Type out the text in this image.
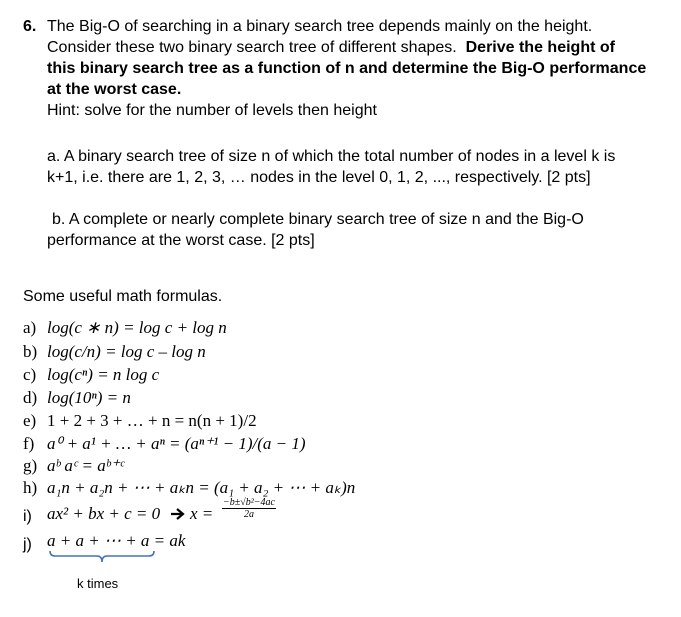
6. The Big-O of searching in a binary search tree depends mainly on the height.
Consider these two binary search tree of different shapes. Derive the height of
this binary search tree as a function of n and determine the Big-O performance
at the worst case.
Hint: solve for the number of levels then height
a. A binary search tree of size n of which the total number of nodes in a level k is
k+1, i.e. there are 1, 2, 3, … nodes in the level 0, 1, 2, ..., respectively. [2 pts]
b. A complete or nearly complete binary search tree of size n and the Big-O
performance at the worst case. [2 pts]
Some useful math formulas.
a) log(c ∗ n) = log c + log n
b) log(c/n) = log c – log n
c) log(cⁿ) = n log c
d) log(10ⁿ) = n
e) 1 + 2 + 3 + … + n = n(n + 1)/2
f) a⁰ + a¹ + … + aⁿ = (aⁿ⁺¹ − 1)/(a − 1)
g) aᵇ aᶜ = aᵇ⁺ᶜ
h) a₁n + a₂n + ⋯ + aₖn = (a₁ + a₂ + ⋯ + aₖ)n
i) ax² + bx + c = 0 $x = \frac{\text{−b±√b²−4ac}}{2a}$
j) a + a + ⋯ + a = ak
k times
